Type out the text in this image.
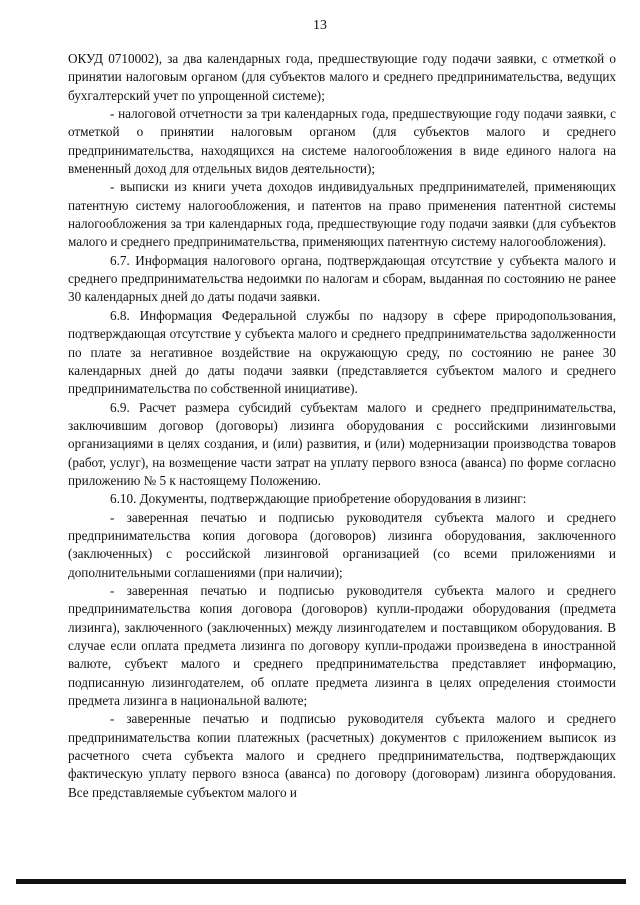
13

ОКУД 0710002), за два календарных года, предшествующие году подачи заявки, с отметкой о принятии налоговым органом (для субъектов малого и среднего предпринимательства, ведущих бухгалтерский учет по упрощенной системе);

- налоговой отчетности за три календарных года, предшествующие году подачи заявки, с отметкой о принятии налоговым органом (для субъектов малого и среднего предпринимательства, находящихся на системе налогообложения в виде единого налога на вмененный доход для отдельных видов деятельности);

- выписки из книги учета доходов индивидуальных предпринимателей, применяющих патентную систему налогообложения, и патентов на право применения патентной системы налогообложения за три календарных года, предшествующие году подачи заявки (для субъектов малого и среднего предпринимательства, применяющих патентную систему налогообложения).

6.7. Информация налогового органа, подтверждающая отсутствие у субъекта малого и среднего предпринимательства недоимки по налогам и сборам, выданная по состоянию не ранее 30 календарных дней до даты подачи заявки.

6.8. Информация Федеральной службы по надзору в сфере природопользования, подтверждающая отсутствие у субъекта малого и среднего предпринимательства задолженности по плате за негативное воздействие на окружающую среду, по состоянию не ранее 30 календарных дней до даты подачи заявки (представляется субъектом малого и среднего предпринимательства по собственной инициативе).

6.9. Расчет размера субсидий субъектам малого и среднего предпринимательства, заключившим договор (договоры) лизинга оборудования с российскими лизинговыми организациями в целях создания, и (или) развития, и (или) модернизации производства товаров (работ, услуг), на возмещение части затрат на уплату первого взноса (аванса) по форме согласно приложению № 5 к настоящему Положению.

6.10. Документы, подтверждающие приобретение оборудования в лизинг:

- заверенная печатью и подписью руководителя субъекта малого и среднего предпринимательства копия договора (договоров) лизинга оборудования, заключенного (заключенных) с российской лизинговой организацией (со всеми приложениями и дополнительными соглашениями (при наличии);

- заверенная печатью и подписью руководителя субъекта малого и среднего предпринимательства копия договора (договоров) купли-продажи оборудования (предмета лизинга), заключенного (заключенных) между лизингодателем и поставщиком оборудования. В случае если оплата предмета лизинга по договору купли-продажи произведена в иностранной валюте, субъект малого и среднего предпринимательства представляет информацию, подписанную лизингодателем, об оплате предмета лизинга в целях определения стоимости предмета лизинга в национальной валюте;

- заверенные печатью и подписью руководителя субъекта малого и среднего предпринимательства копии платежных (расчетных) документов с приложением выписок из расчетного счета субъекта малого и среднего предпринимательства, подтверждающих фактическую уплату первого взноса (аванса) по договору (договорам) лизинга оборудования. Все представляемые субъектом малого и
